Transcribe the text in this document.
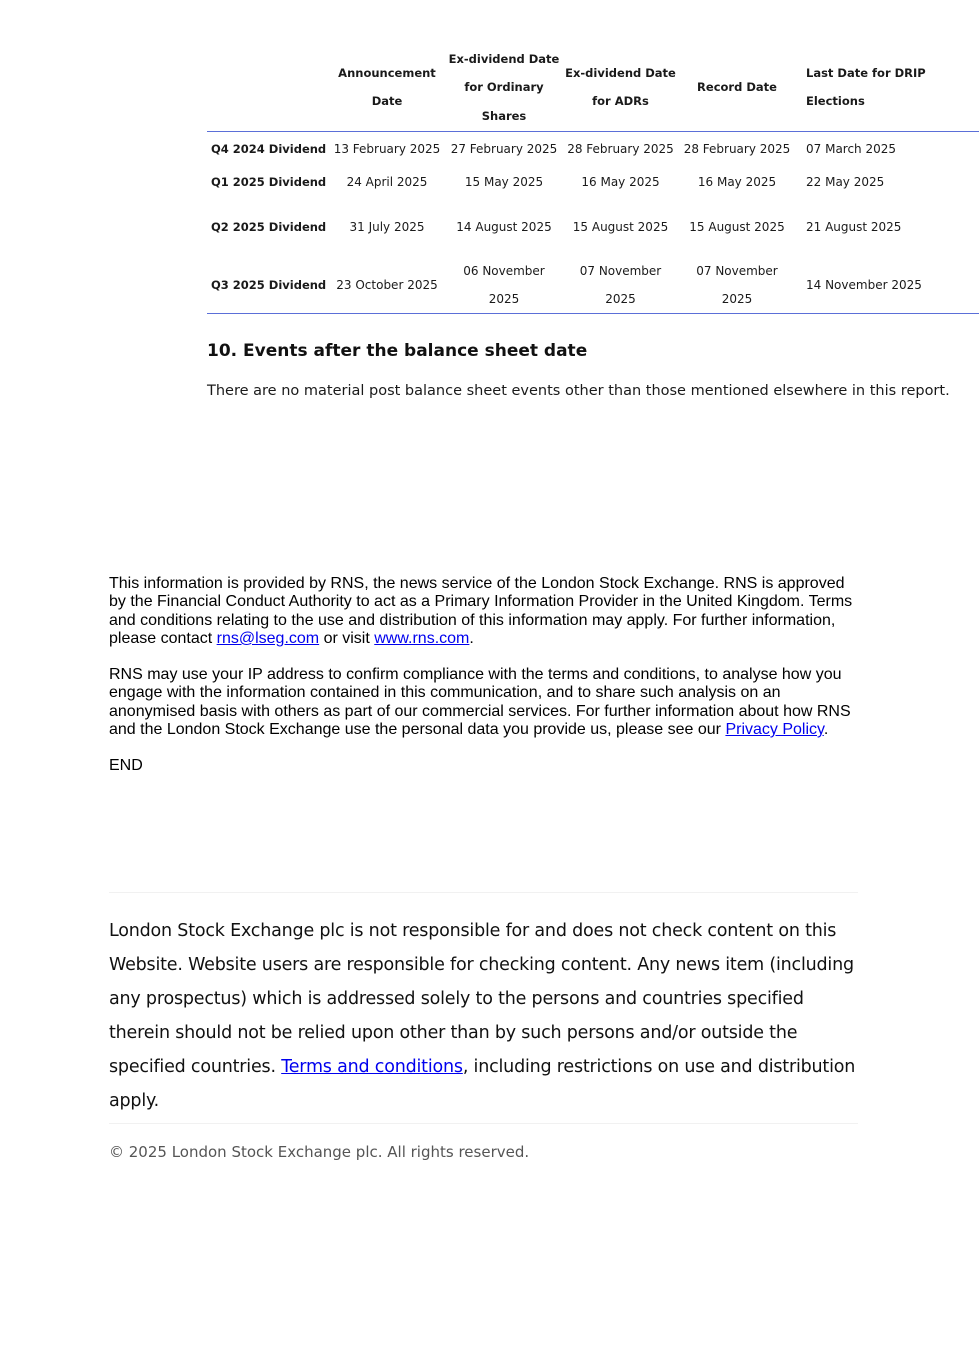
	Announcement Date	Ex-dividend Date for Ordinary Shares	Ex-dividend Date for ADRs	Record Date	Last Date for DRIP Elections
Q4 2024 Dividend	13 February 2025	27 February 2025	28 February 2025	28 February 2025	07 March 2025
Q1 2025 Dividend	24 April 2025	15 May 2025	16 May 2025	16 May 2025	22 May 2025
Q2 2025 Dividend	31 July 2025	14 August 2025	15 August 2025	15 August 2025	21 August 2025
Q3 2025 Dividend	23 October 2025	06 November 2025	07 November 2025	07 November 2025	14 November 2025
10. Events after the balance sheet date

There are no material post balance sheet events other than those mentioned elsewhere in this report.

This information is provided by RNS, the news service of the London Stock Exchange. RNS is approved by the Financial Conduct Authority to act as a Primary Information Provider in the United Kingdom. Terms and conditions relating to the use and distribution of this information may apply. For further information, please contact rns@lseg.com or visit www.rns.com.

RNS may use your IP address to confirm compliance with the terms and conditions, to analyse how you engage with the information contained in this communication, and to share such analysis on an anonymised basis with others as part of our commercial services. For further information about how RNS and the London Stock Exchange use the personal data you provide us, please see our Privacy Policy.

END

London Stock Exchange plc is not responsible for and does not check content on this Website. Website users are responsible for checking content. Any news item (including any prospectus) which is addressed solely to the persons and countries specified therein should not be relied upon other than by such persons and/or outside the specified countries. Terms and conditions, including restrictions on use and distribution apply.

© 2025 London Stock Exchange plc. All rights reserved.
